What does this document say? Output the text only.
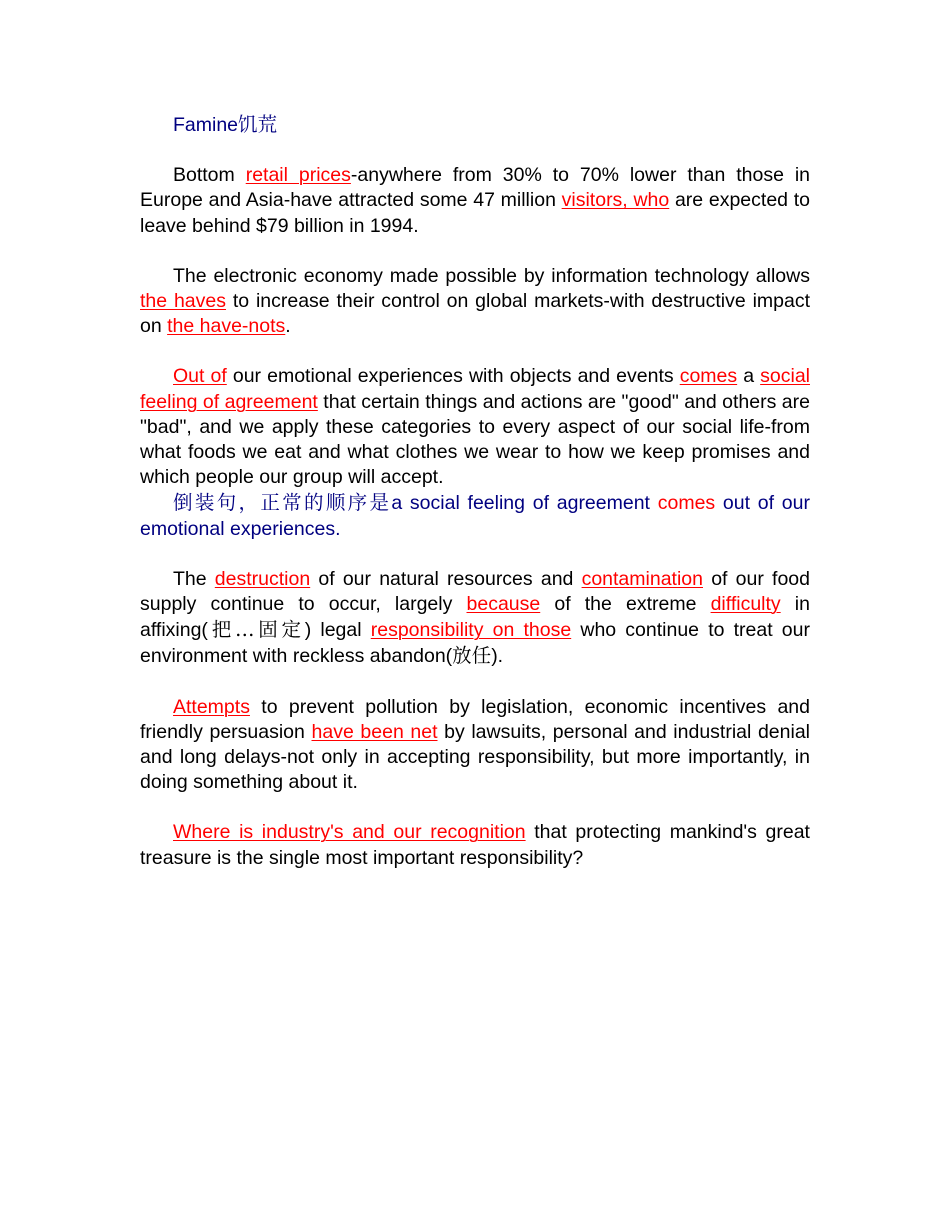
Famine饥荒

Bottom retail prices-anywhere from 30% to 70% lower than those in Europe and Asia-have attracted some 47 million visitors, who are expected to leave behind $79 billion in 1994.

The electronic economy made possible by information technology allows the haves to increase their control on global markets-with destructive impact on the have-nots.

Out of our emotional experiences with objects and events comes a social feeling of agreement that certain things and actions are "good" and others are "bad", and we apply these categories to every aspect of our social life-from what foods we eat and what clothes we wear to how we keep promises and which people our group will accept.

倒装句，正常的顺序是a social feeling of agreement comes out of our emotional experiences.

The destruction of our natural resources and contamination of our food supply continue to occur, largely because of the extreme difficulty in affixing(把…固定) legal responsibility on those who continue to treat our environment with reckless abandon(放任).

Attempts to prevent pollution by legislation, economic incentives and friendly persuasion have been net by lawsuits, personal and industrial denial and long delays-not only in accepting responsibility, but more importantly, in doing something about it.

Where is industry's and our recognition that protecting mankind's great treasure is the single most important responsibility?
